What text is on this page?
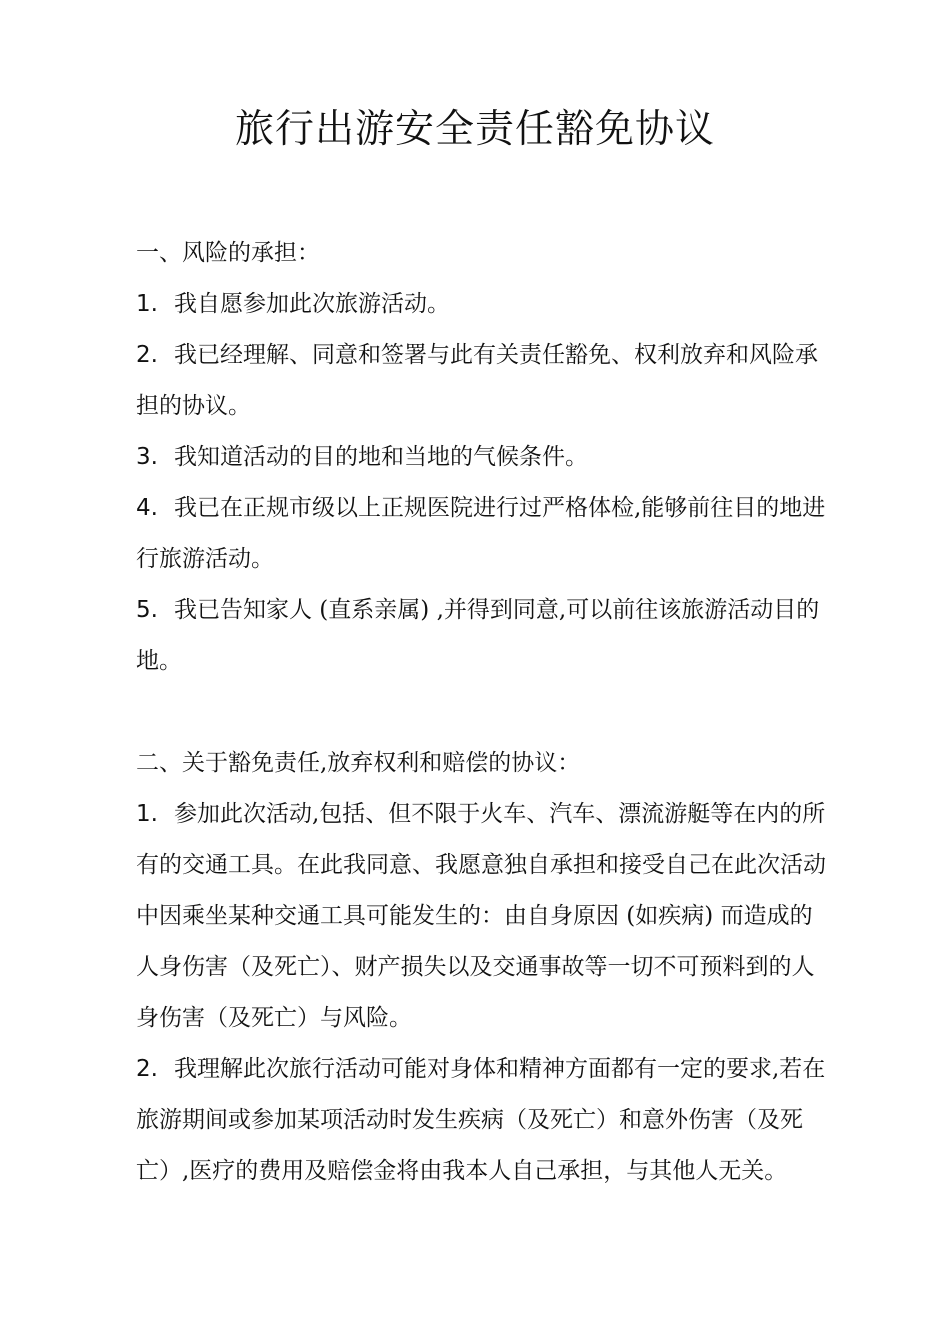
旅行出游安全责任豁免协议

一、风险的承担：

1. 我自愿参加此次旅游活动。

2. 我已经理解、同意和签署与此有关责任豁免、权利放弃和风险承担的协议。

3. 我知道活动的目的地和当地的气候条件。

4. 我已在正规市级以上正规医院进行过严格体检,能够前往目的地进行旅游活动。

5. 我已告知家人 (直系亲属) ,并得到同意,可以前往该旅游活动目的地。

二、关于豁免责任,放弃权利和赔偿的协议：

1. 参加此次活动,包括、但不限于火车、汽车、漂流游艇等在内的所有的交通工具。在此我同意、我愿意独自承担和接受自己在此次活动中因乘坐某种交通工具可能发生的：由自身原因 (如疾病) 而造成的人身伤害（及死亡）、财产损失以及交通事故等一切不可预料到的人身伤害（及死亡）与风险。

2. 我理解此次旅行活动可能对身体和精神方面都有一定的要求,若在旅游期间或参加某项活动时发生疾病（及死亡）和意外伤害（及死亡）,医疗的费用及赔偿金将由我本人自己承担，与其他人无关。
